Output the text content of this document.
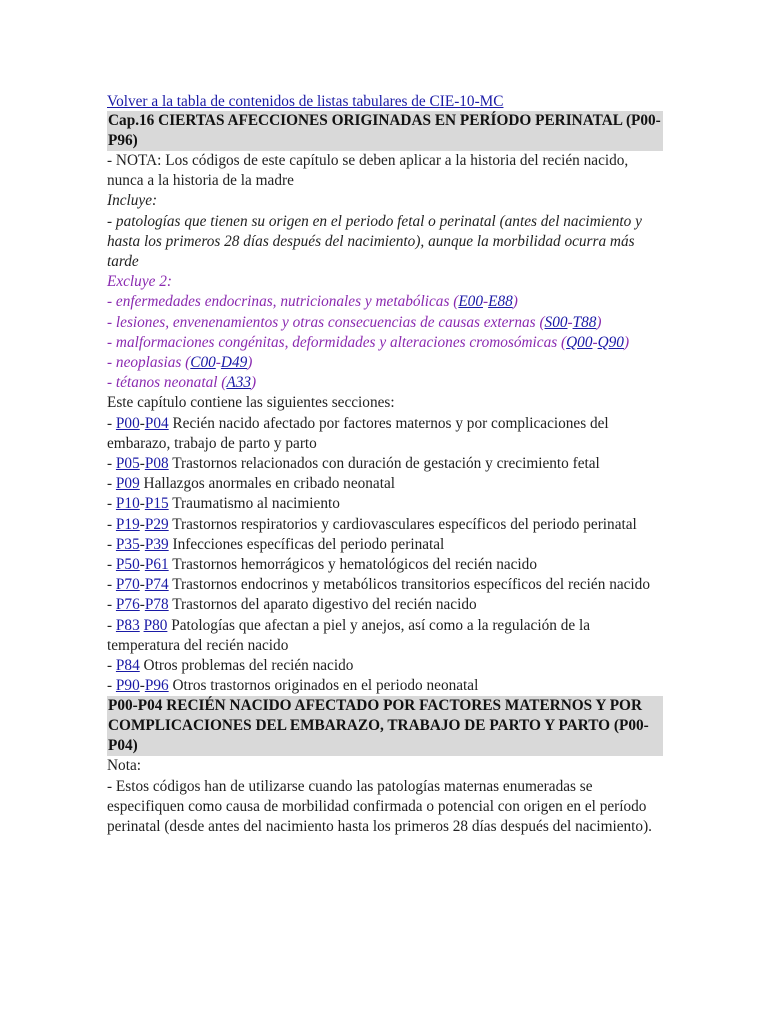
Volver a la tabla de contenidos de listas tabulares de CIE-10-MC
Cap.16 CIERTAS AFECCIONES ORIGINADAS EN PERÍODO PERINATAL (P00-P96)
- NOTA: Los códigos de este capítulo se deben aplicar a la historia del recién nacido, nunca a la historia de la madre
Incluye:
- patologías que tienen su origen en el periodo fetal o perinatal (antes del nacimiento y hasta los primeros 28 días después del nacimiento), aunque la morbilidad ocurra más tarde
Excluye 2:
- enfermedades endocrinas, nutricionales y metabólicas (E00-E88)
- lesiones, envenenamientos y otras consecuencias de causas externas (S00-T88)
- malformaciones congénitas, deformidades y alteraciones cromosómicas (Q00-Q90)
- neoplasias (C00-D49)
- tétanos neonatal (A33)
Este capítulo contiene las siguientes secciones:
- P00-P04 Recién nacido afectado por factores maternos y por complicaciones del embarazo, trabajo de parto y parto
- P05-P08 Trastornos relacionados con duración de gestación y crecimiento fetal
- P09 Hallazgos anormales en cribado neonatal
- P10-P15 Traumatismo al nacimiento
- P19-P29 Trastornos respiratorios y cardiovasculares específicos del periodo perinatal
- P35-P39 Infecciones específicas del periodo perinatal
- P50-P61 Trastornos hemorrágicos y hematológicos del recién nacido
- P70-P74 Trastornos endocrinos y metabólicos transitorios específicos del recién nacido
- P76-P78 Trastornos del aparato digestivo del recién nacido
- P83 P80 Patologías que afectan a piel y anejos, así como a la regulación de la temperatura del recién nacido
- P84 Otros problemas del recién nacido
- P90-P96 Otros trastornos originados en el periodo neonatal
P00-P04 RECIÉN NACIDO AFECTADO POR FACTORES MATERNOS Y POR COMPLICACIONES DEL EMBARAZO, TRABAJO DE PARTO Y PARTO (P00-P04)
Nota:
- Estos códigos han de utilizarse cuando las patologías maternas enumeradas se especifiquen como causa de morbilidad confirmada o potencial con origen en el período perinatal (desde antes del nacimiento hasta los primeros 28 días después del nacimiento).
